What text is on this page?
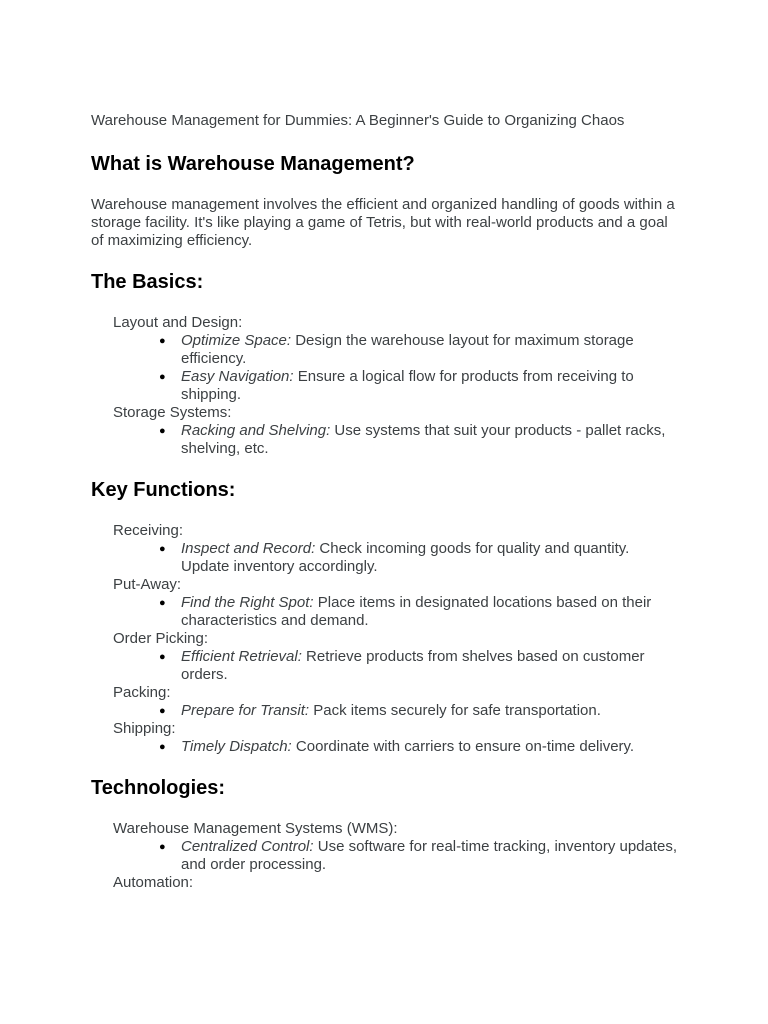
Warehouse Management for Dummies: A Beginner's Guide to Organizing Chaos
What is Warehouse Management?

Warehouse management involves the efficient and organized handling of goods within a storage facility. It's like playing a game of Tetris, but with real-world products and a goal of maximizing efficiency.

The Basics:
Layout and Design:
● Optimize Space: Design the warehouse layout for maximum storage efficiency.
● Easy Navigation: Ensure a logical flow for products from receiving to shipping.
Storage Systems:
● Racking and Shelving: Use systems that suit your products - pallet racks, shelving, etc.
Key Functions:
Receiving:
● Inspect and Record: Check incoming goods for quality and quantity. Update inventory accordingly.
Put-Away:
● Find the Right Spot: Place items in designated locations based on their characteristics and demand.
Order Picking:
● Efficient Retrieval: Retrieve products from shelves based on customer orders.
Packing:
● Prepare for Transit: Pack items securely for safe transportation.
Shipping:
● Timely Dispatch: Coordinate with carriers to ensure on-time delivery.
Technologies:
Warehouse Management Systems (WMS):
● Centralized Control: Use software for real-time tracking, inventory updates, and order processing.
Automation:
